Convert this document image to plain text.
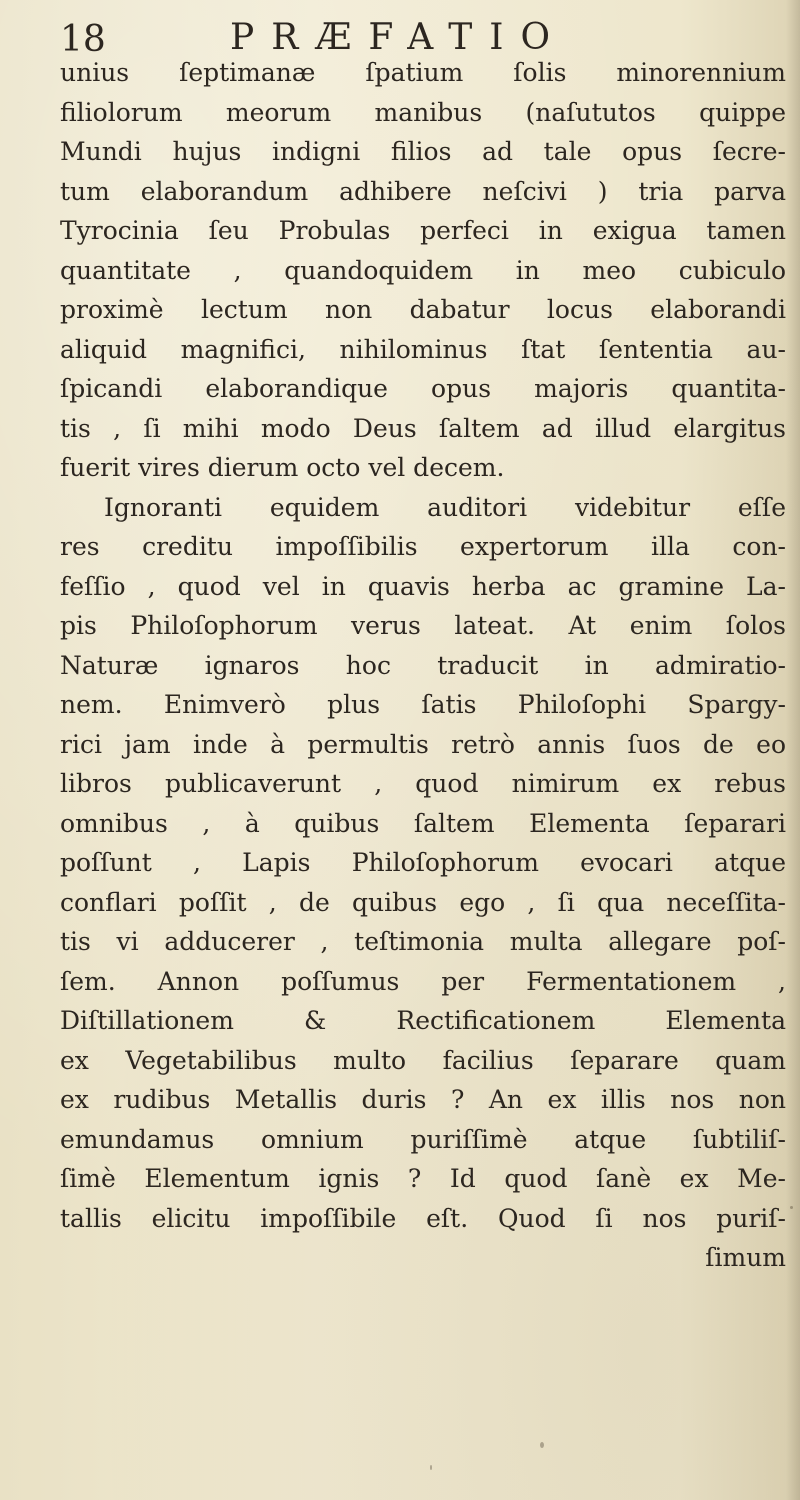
18	PRÆFATIO
unius ſeptimanæ ſpatium ſolis minorennium
filiolorum meorum manibus (naſututos quippe
Mundi hujus indigni filios ad tale opus ſecre-
tum elaborandum adhibere neſcivi ) tria parva
Tyrocinia ſeu Probulas perfeci in exigua tamen
quantitate , quandoquidem in meo cubiculo
proximè lectum non dabatur locus elaborandi
aliquid magnifici, nihilominus ſtat ſententia au-
ſpicandi elaborandique opus majoris quantita-
tis , ſi mihi modo Deus ſaltem ad illud elargitus
fuerit vires dierum octo vel decem.
Ignoranti equidem auditori videbitur eſſe
res creditu impoſſibilis expertorum illa con-
feſſio , quod vel in quavis herba ac gramine La-
pis Philoſophorum verus lateat. At enim ſolos
Naturæ ignaros hoc traducit in admiratio-
nem. Enimverò plus ſatis Philoſophi Spargy-
rici jam inde à permultis retrò annis ſuos de eo
libros publicaverunt , quod nimirum ex rebus
omnibus , à quibus ſaltem Elementa ſeparari
poſſunt , Lapis Philoſophorum evocari atque
conflari poſſit , de quibus ego , ſi qua neceſſita-
tis vi adducerer , teſtimonia multa allegare poſ-
ſem. Annon poſſumus per Fermentationem ,
Diſtillationem & Rectificationem Elementa
ex Vegetabilibus multo facilius ſeparare quam
ex rudibus Metallis duris ? An ex illis nos non
emundamus omnium puriſſimè atque ſubtiliſ-
ſimè Elementum ignis ? Id quod ſanè ex Me-
tallis elicitu impoſſibile eſt. Quod ſi nos puriſ-
ſimum
